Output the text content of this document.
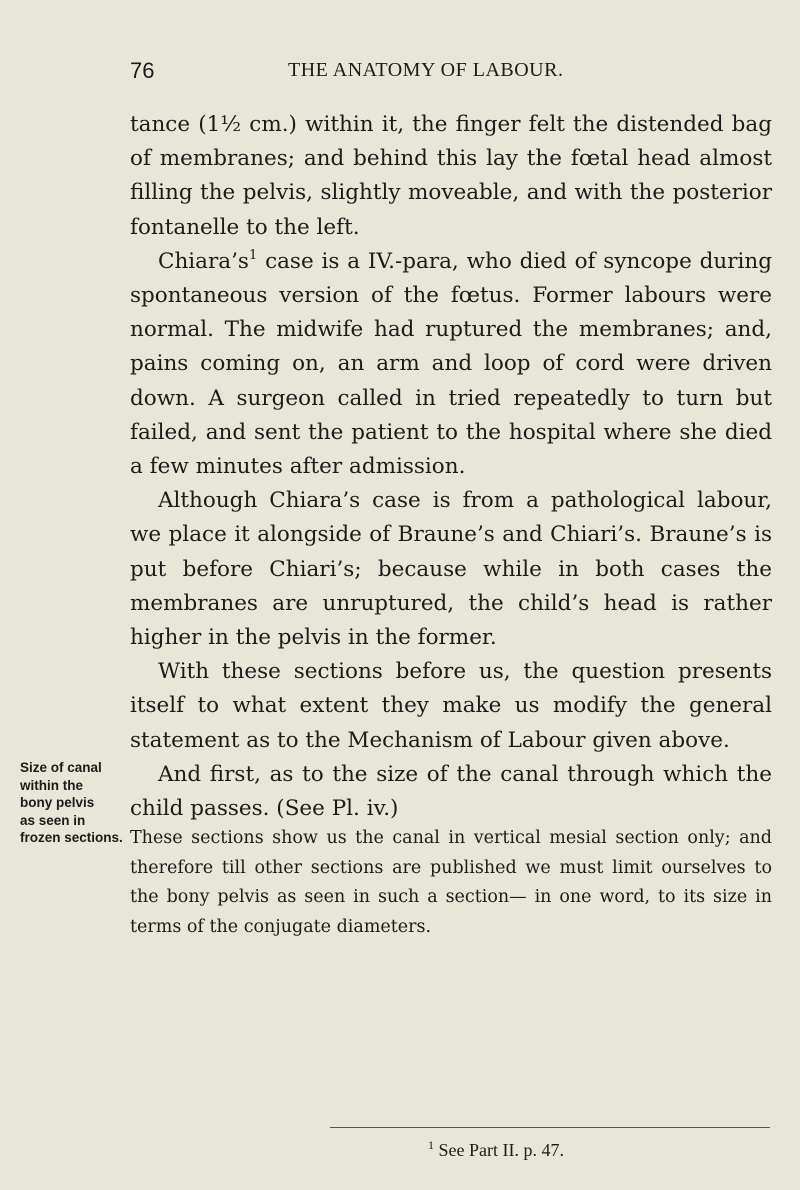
76	THE ANATOMY OF LABOUR.

tance (1½ cm.) within it, the finger felt the distended bag of membranes; and behind this lay the fœtal head almost filling the pelvis, slightly moveable, and with the posterior fontanelle to the left.

$Chiara’s^1$ case is a IV.-para, who died of syncope during spontaneous version of the fœtus. Former labours were normal. The midwife had ruptured the membranes; and, pains coming on, an arm and loop of cord were driven down. A surgeon called in tried repeatedly to turn but failed, and sent the patient to the hospital where she died a few minutes after admission.

Although Chiara’s case is from a pathological labour, we place it alongside of Braune’s and Chiari’s. Braune’s is put before Chiari’s; because while in both cases the membranes are unruptured, the child’s head is rather higher in the pelvis in the former.

With these sections before us, the question presents itself to what extent they make us modify the general statement as to the Mechanism of Labour given above.

And first, as to the size of the canal through which the child passes. (See Pl. iv.)

Size of canal
within the
bony pelvis
as seen in
frozen sections. These sections show us the canal in vertical mesial section only; and therefore till other sections are published we must limit ourselves to the bony pelvis as seen in such a section— in one word, to its size in terms of the conjugate diameters.

$^1$ See Part II. p. 47.
